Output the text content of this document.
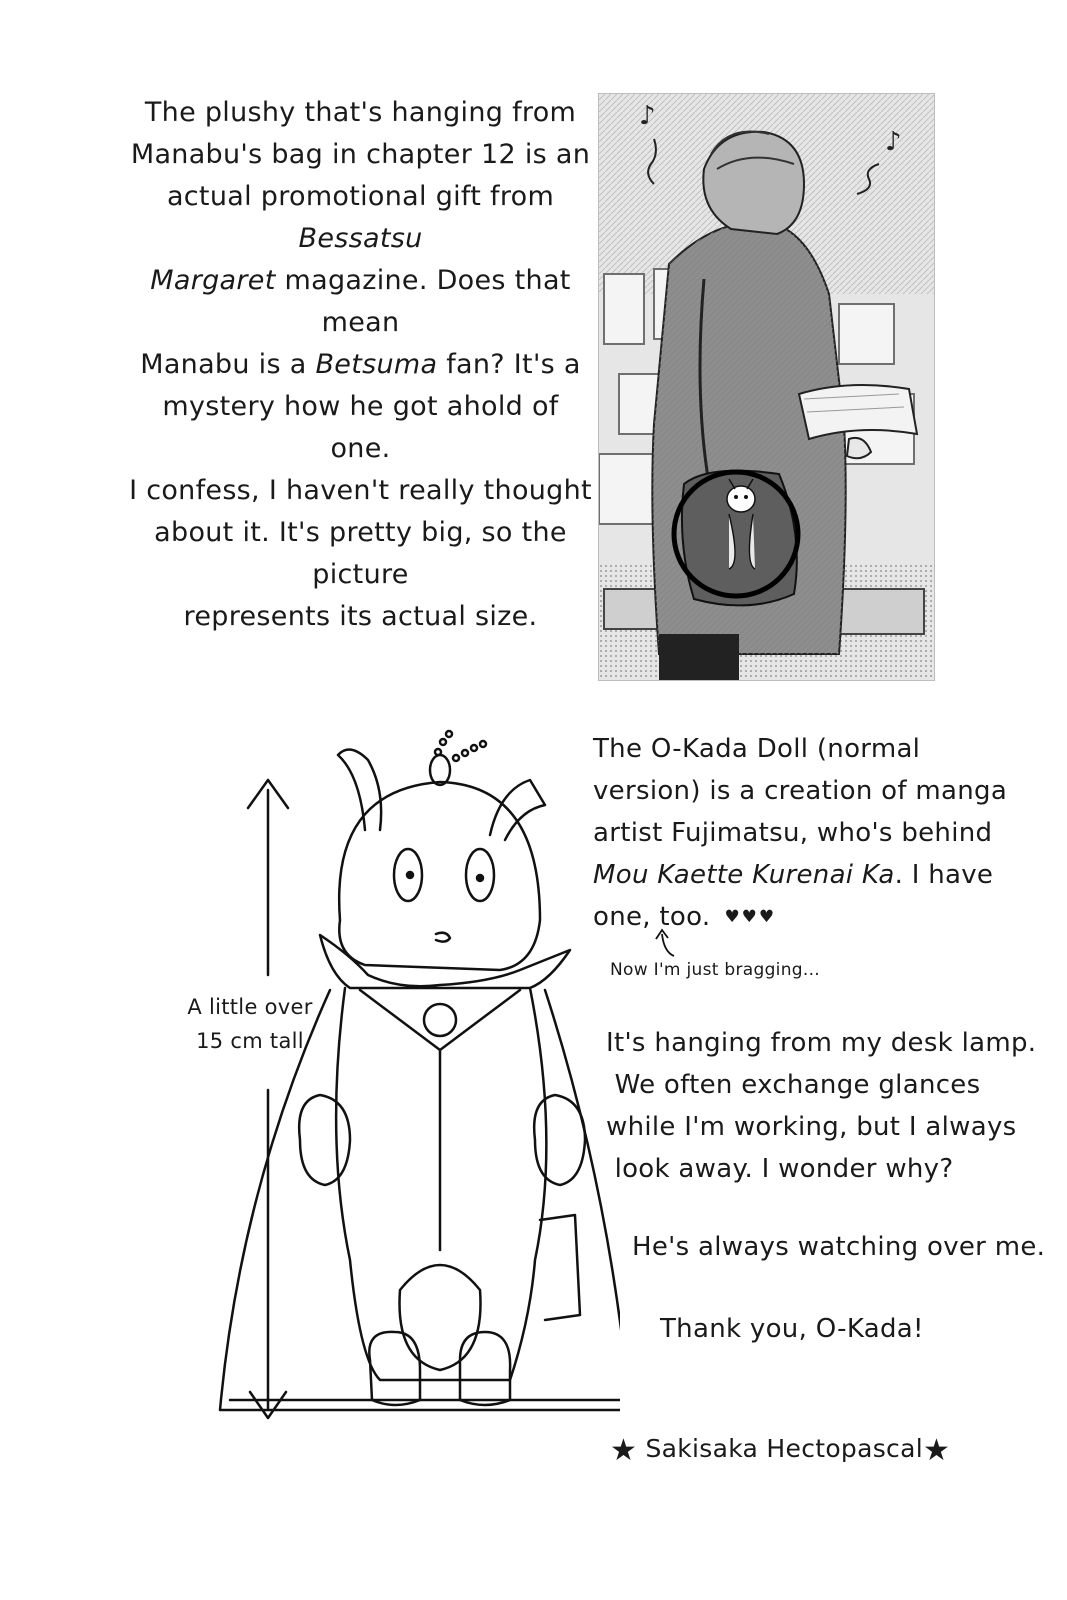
The plushy that's hanging from
Manabu's bag in chapter 12 is an
actual promotional gift from Bessatsu
Margaret magazine. Does that mean
Manabu is a Betsuma fan? It's a
mystery how he got ahold of one.
I confess, I haven't really thought
about it. It's pretty big, so the picture
represents its actual size.

♪
♪

A little over
15 cm tall

The O-Kada Doll (normal
version) is a creation of manga
artist Fujimatsu, who's behind
Mou Kaette Kurenai Ka. I have
one, too. ♥♥♥

Now I'm just bragging...

It's hanging from my desk lamp.
We often exchange glances
while I'm working, but I always
look away. I wonder why?

He's always watching over me.

Thank you, O-Kada!

★ Sakisaka Hectopascal★
